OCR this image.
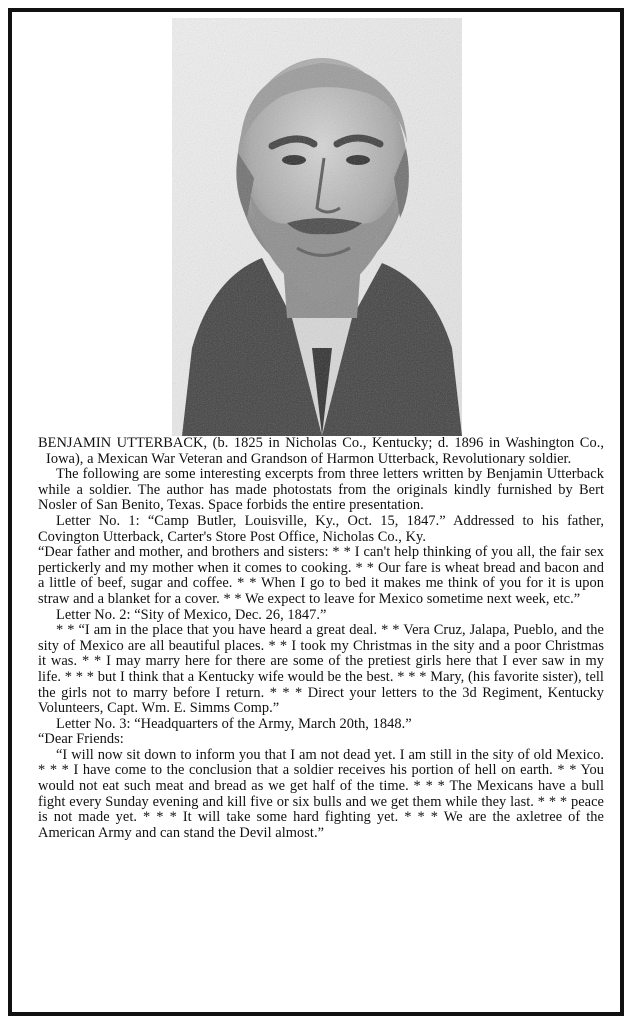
BENJAMIN UTTERBACK, (b. 1825 in Nicholas Co., Kentucky; d. 1896 in Washington Co., Iowa), a Mexican War Veteran and Grandson of Harmon Utterback, Revolutionary soldier.

The following are some interesting excerpts from three letters written by Benjamin Utterback while a soldier. The author has made photostats from the originals kindly furnished by Bert Nosler of San Benito, Texas. Space forbids the entire presentation.

Letter No. 1: “Camp Butler, Louisville, Ky., Oct. 15, 1847.” Addressed to his father, Covington Utterback, Carter's Store Post Office, Nicholas Co., Ky.

“Dear father and mother, and brothers and sisters: * * I can't help thinking of you all, the fair sex pertickerly and my mother when it comes to cooking. * * Our fare is wheat bread and bacon and a little of beef, sugar and coffee. * * When I go to bed it makes me think of you for it is upon straw and a blanket for a cover. * * We expect to leave for Mexico sometime next week, etc.”

Letter No. 2: “Sity of Mexico, Dec. 26, 1847.”

* * “I am in the place that you have heard a great deal. * * Vera Cruz, Jalapa, Pueblo, and the sity of Mexico are all beautiful places. * * I took my Christmas in the sity and a poor Christmas it was. * * I may marry here for there are some of the pretiest girls here that I ever saw in my life. * * * but I think that a Kentucky wife would be the best. * * * Mary, (his favorite sister), tell the girls not to marry before I return. * * * Direct your letters to the 3d Regiment, Kentucky Volunteers, Capt. Wm. E. Simms Comp.”

Letter No. 3: “Headquarters of the Army, March 20th, 1848.”

“Dear Friends:

“I will now sit down to inform you that I am not dead yet. I am still in the sity of old Mexico. * * * I have come to the conclusion that a soldier receives his portion of hell on earth. * * You would not eat such meat and bread as we get half of the time. * * * The Mexicans have a bull fight every Sunday evening and kill five or six bulls and we get them while they last. * * * peace is not made yet. * * * It will take some hard fighting yet. * * * We are the axletree of the American Army and can stand the Devil almost.”
